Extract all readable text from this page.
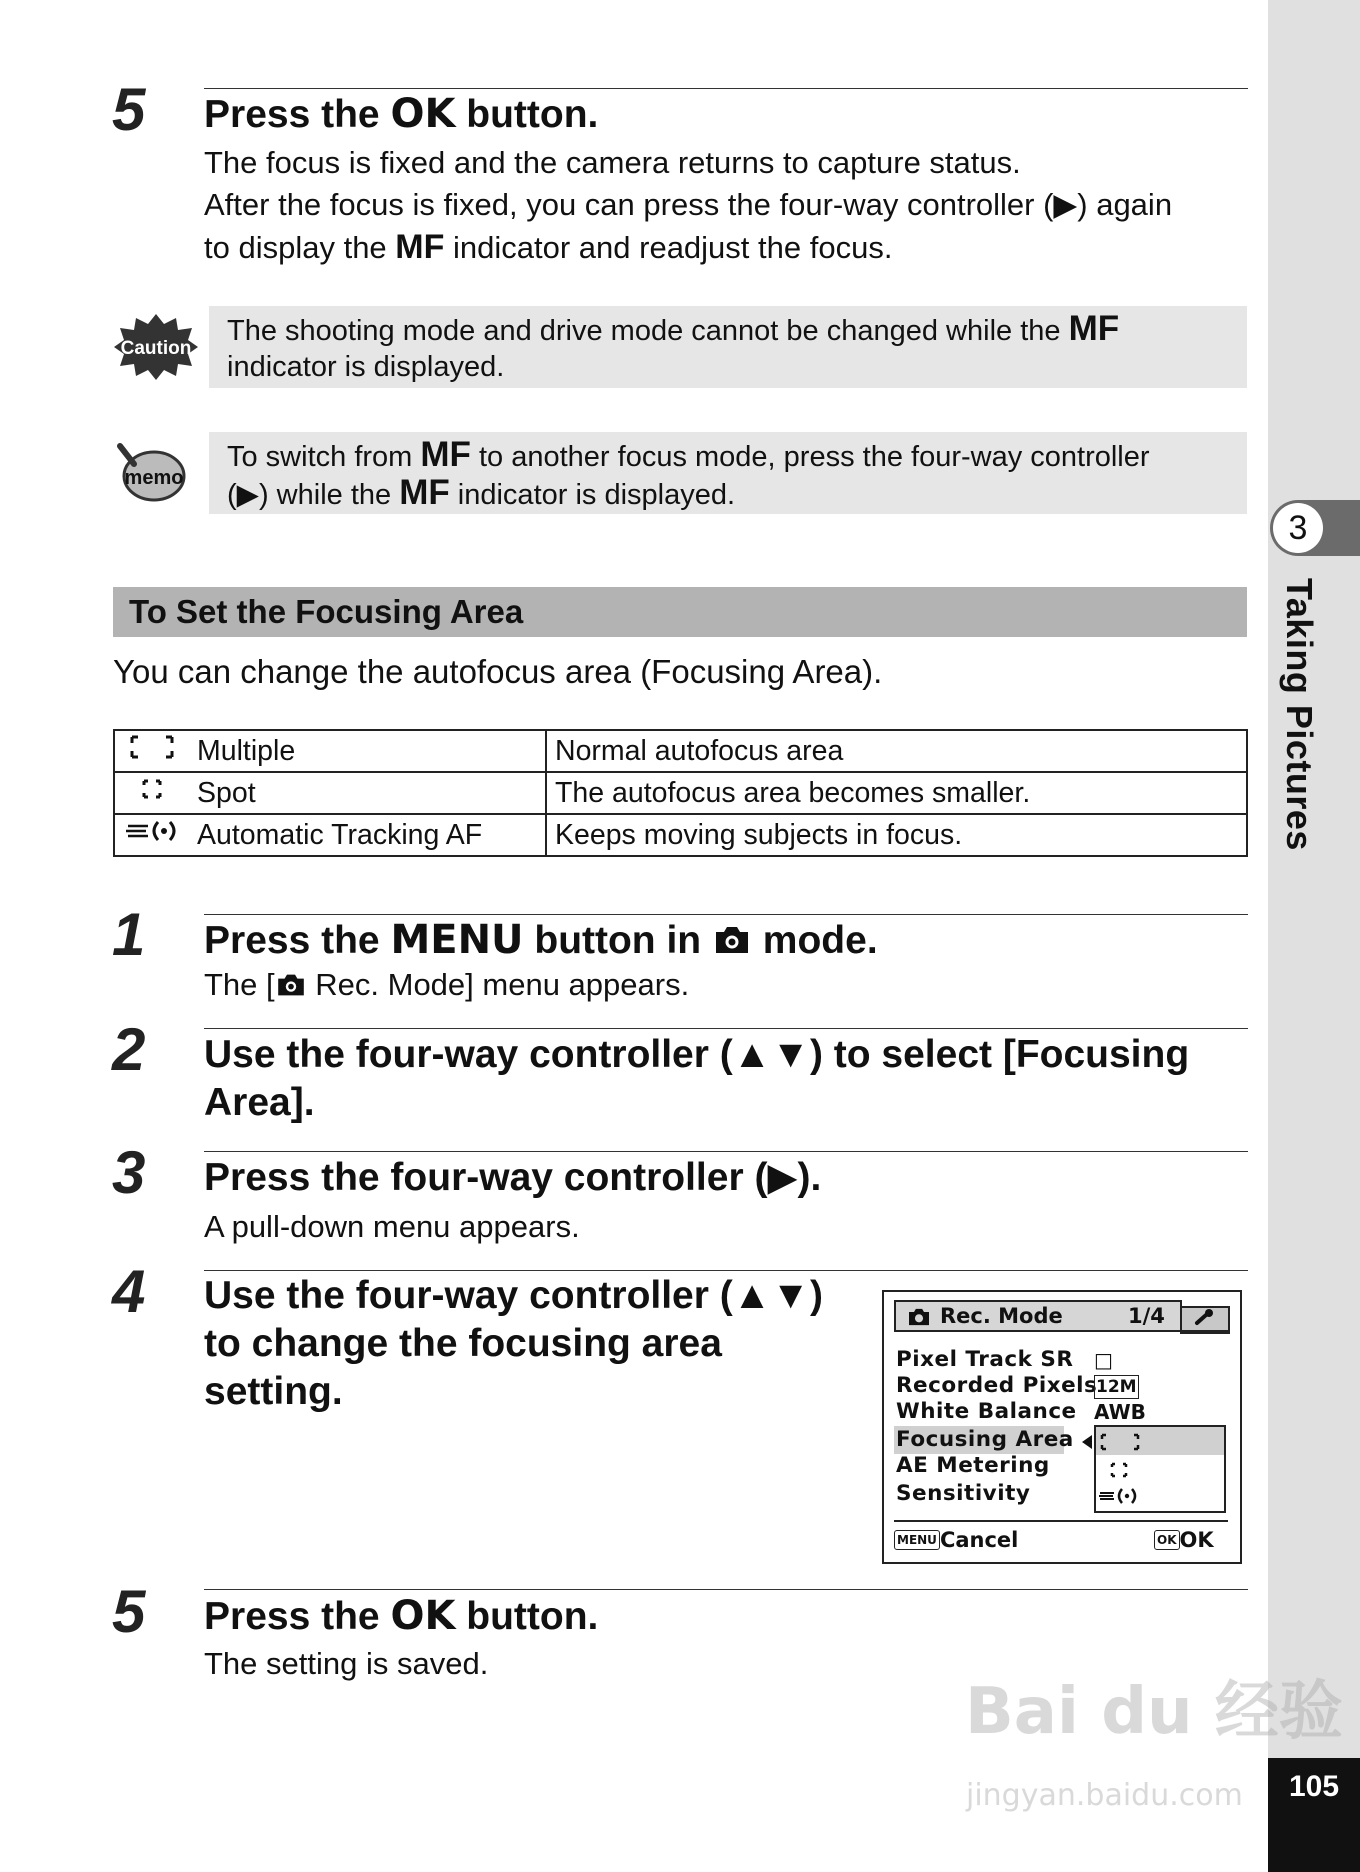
3
Taking Pictures
105
5 Press the OK button.
The focus is fixed and the camera returns to capture status.
After the focus is fixed, you can press the four-way controller (▶) again
to display the MF indicator and readjust the focus.
Caution
The shooting mode and drive mode cannot be changed while the MF
indicator is displayed.
memo
To switch from MF to another focus mode, press the four-way controller
(▶) while the MF indicator is displayed.
To Set the Focusing Area
You can change the autofocus area (Focusing Area).
	Multiple	Normal autofocus area
	Spot	The autofocus area becomes smaller.
	Automatic Tracking AF	Keeps moving subjects in focus.
1 Press the MENU button in  mode.
The [ Rec. Mode] menu appears.
2 Use the four-way controller (▲▼) to select [Focusing
Area].
3 Press the four-way controller (▶).
A pull-down menu appears.
4 Use the four-way controller (▲▼)
to change the focusing area
setting.
Rec. Mode	1/4
Pixel Track SR □
Recorded Pixels
12M
White Balance AWB
Focusing Area
AE Metering
Sensitivity
MENU Cancel	OK OK
5 Press the OK button.
The setting is saved.
Bai du 经验
jingyan.baidu.com
